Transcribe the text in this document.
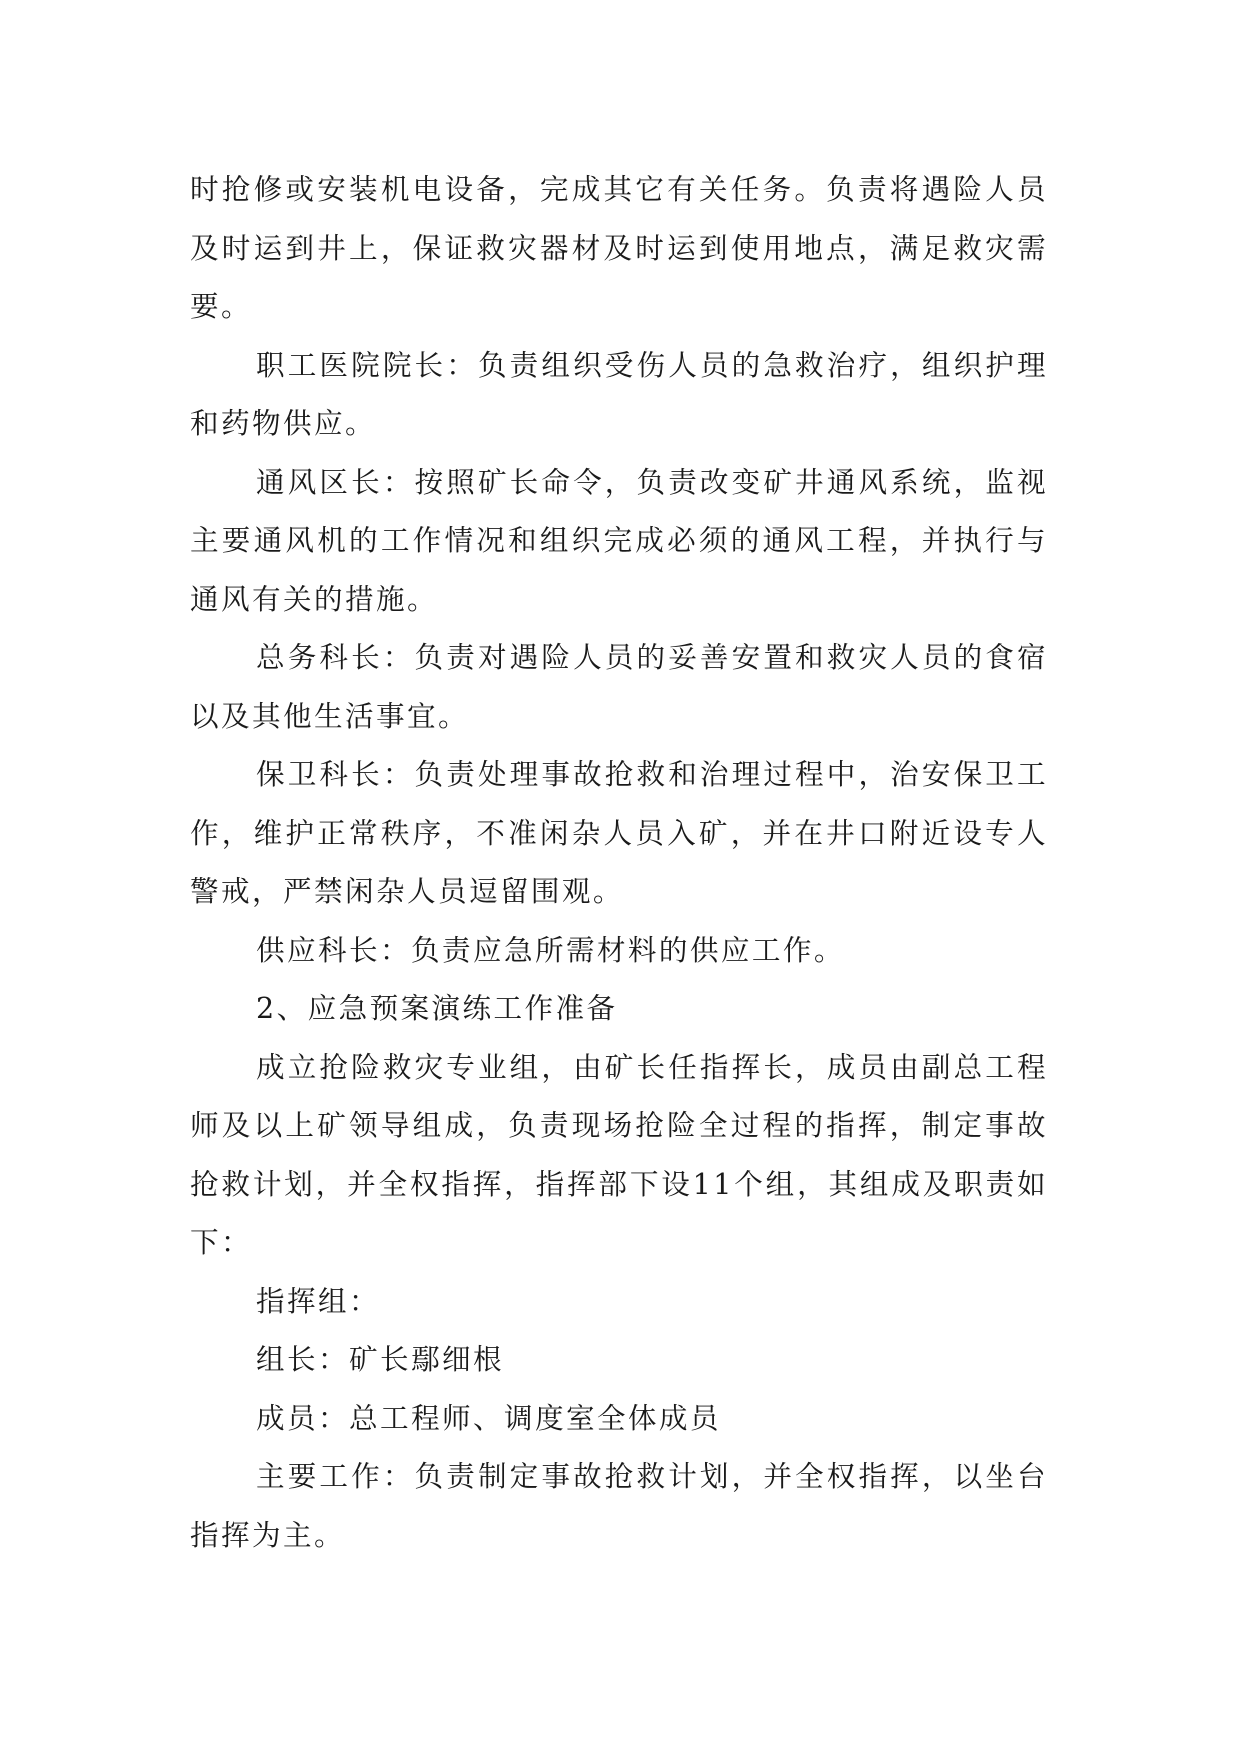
时抢修或安装机电设备，完成其它有关任务。负责将遇险人员及时运到井上，保证救灾器材及时运到使用地点，满足救灾需要。

职工医院院长：负责组织受伤人员的急救治疗，组织护理和药物供应。

通风区长：按照矿长命令，负责改变矿井通风系统，监视主要通风机的工作情况和组织完成必须的通风工程，并执行与通风有关的措施。

总务科长：负责对遇险人员的妥善安置和救灾人员的食宿以及其他生活事宜。

保卫科长：负责处理事故抢救和治理过程中，治安保卫工作，维护正常秩序，不准闲杂人员入矿，并在井口附近设专人警戒，严禁闲杂人员逗留围观。

供应科长：负责应急所需材料的供应工作。

2、应急预案演练工作准备

成立抢险救灾专业组，由矿长任指挥长，成员由副总工程师及以上矿领导组成，负责现场抢险全过程的指挥，制定事故抢救计划，并全权指挥，指挥部下设11个组，其组成及职责如下：

指挥组：

组长：矿长鄢细根

成员：总工程师、调度室全体成员

主要工作：负责制定事故抢救计划，并全权指挥，以坐台指挥为主。
